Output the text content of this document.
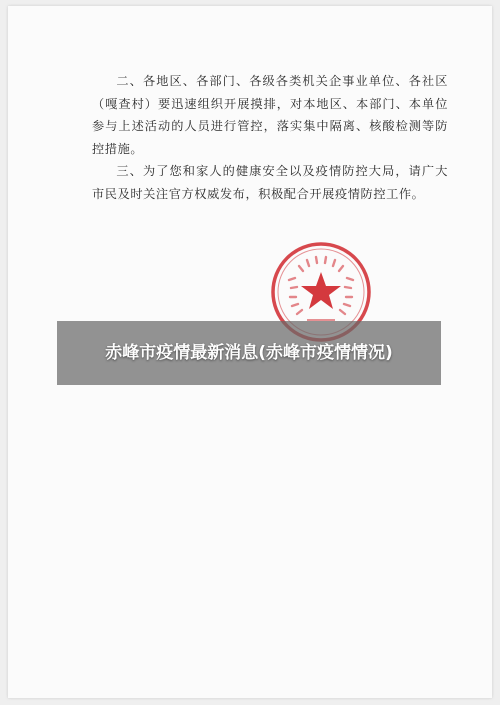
二、各地区、各部门、各级各类机关企事业单位、各社区（嘎查村）要迅速组织开展摸排，对本地区、本部门、本单位参与上述活动的人员进行管控，落实集中隔离、核酸检测等防控措施。

三、为了您和家人的健康安全以及疫情防控大局，请广大市民及时关注官方权威发布，积极配合开展疫情防控工作。

赤峰市疫情最新消息(赤峰市疫情情况)
